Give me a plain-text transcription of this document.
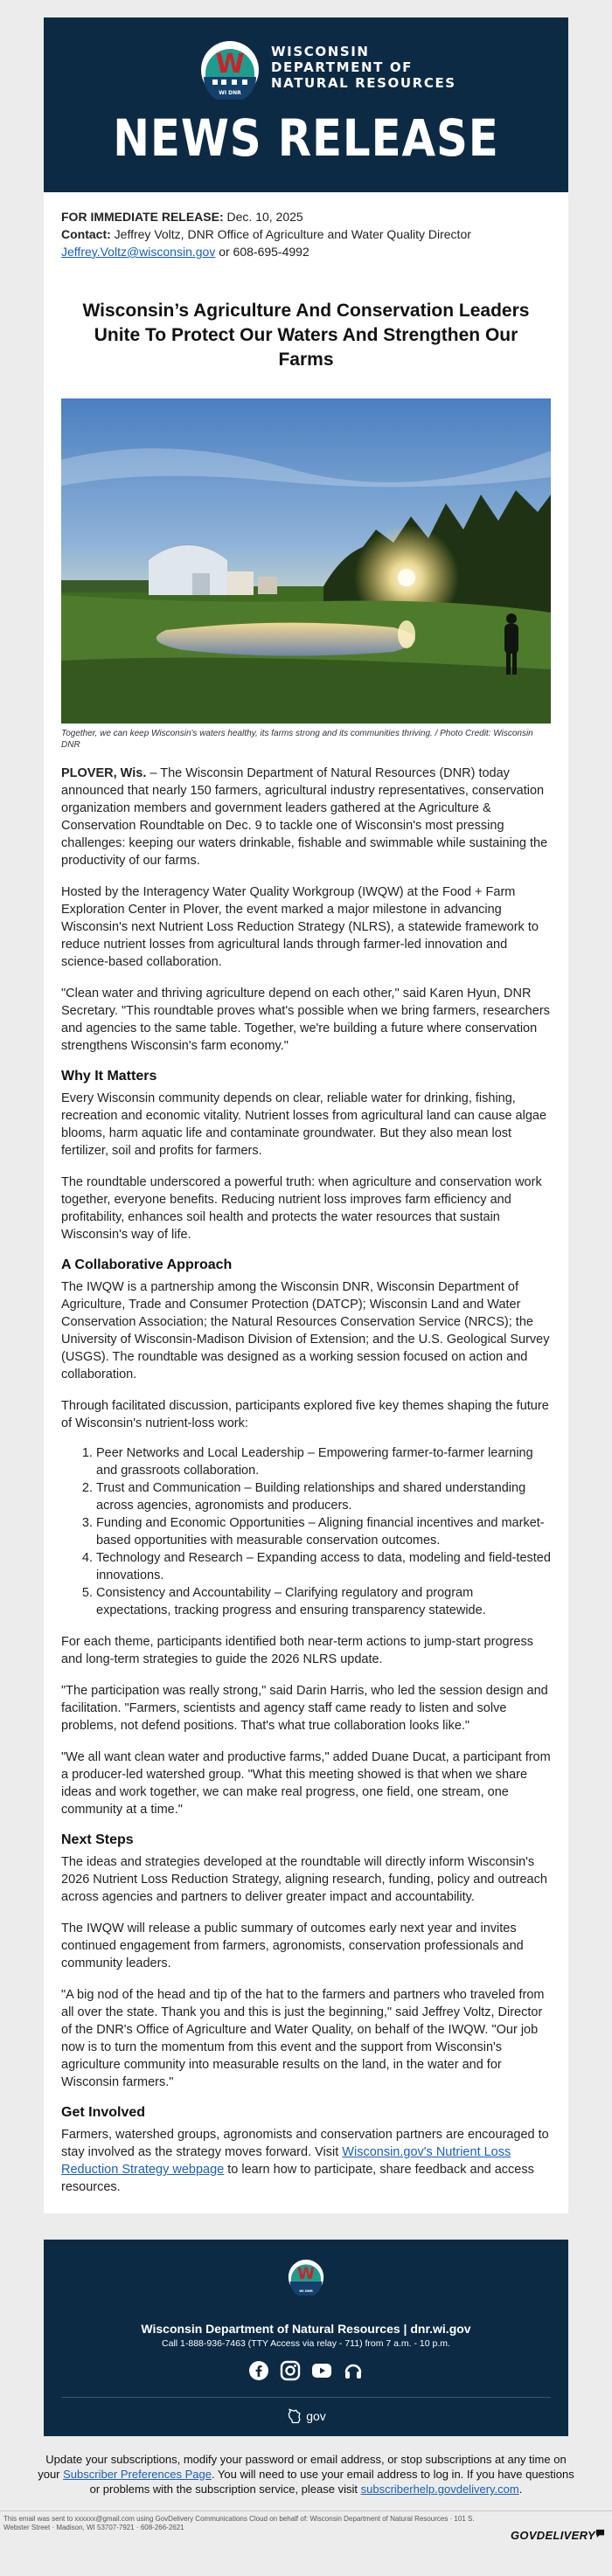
W
WI DNR
WISCONSIN
DEPARTMENT OF
NATURAL RESOURCES
NEWS RELEASE
FOR IMMEDIATE RELEASE: Dec. 10, 2025
Contact: Jeffrey Voltz, DNR Office of Agriculture and Water Quality Director
Jeffrey.Voltz@wisconsin.gov or 608-695-4992
Wisconsin’s Agriculture And Conservation Leaders Unite To Protect Our Waters And Strengthen Our Farms
Together, we can keep Wisconsin's waters healthy, its farms strong and its communities thriving. / Photo Credit: Wisconsin DNR

PLOVER, Wis. – The Wisconsin Department of Natural Resources (DNR) today announced that nearly 150 farmers, agricultural industry representatives, conservation organization members and government leaders gathered at the Agriculture & Conservation Roundtable on Dec. 9 to tackle one of Wisconsin's most pressing challenges: keeping our waters drinkable, fishable and swimmable while sustaining the productivity of our farms.

Hosted by the Interagency Water Quality Workgroup (IWQW) at the Food + Farm Exploration Center in Plover, the event marked a major milestone in advancing Wisconsin's next Nutrient Loss Reduction Strategy (NLRS), a statewide framework to reduce nutrient losses from agricultural lands through farmer-led innovation and science-based collaboration.

"Clean water and thriving agriculture depend on each other," said Karen Hyun, DNR Secretary. "This roundtable proves what's possible when we bring farmers, researchers and agencies to the same table. Together, we're building a future where conservation strengthens Wisconsin's farm economy."

Why It Matters

Every Wisconsin community depends on clear, reliable water for drinking, fishing, recreation and economic vitality. Nutrient losses from agricultural land can cause algae blooms, harm aquatic life and contaminate groundwater. But they also mean lost fertilizer, soil and profits for farmers.

The roundtable underscored a powerful truth: when agriculture and conservation work together, everyone benefits. Reducing nutrient loss improves farm efficiency and profitability, enhances soil health and protects the water resources that sustain Wisconsin's way of life.

A Collaborative Approach

The IWQW is a partnership among the Wisconsin DNR, Wisconsin Department of Agriculture, Trade and Consumer Protection (DATCP); Wisconsin Land and Water Conservation Association; the Natural Resources Conservation Service (NRCS); the University of Wisconsin-Madison Division of Extension; and the U.S. Geological Survey (USGS). The roundtable was designed as a working session focused on action and collaboration.

Through facilitated discussion, participants explored five key themes shaping the future of Wisconsin's nutrient-loss work:

1. Peer Networks and Local Leadership – Empowering farmer-to-farmer learning and grassroots collaboration.
2. Trust and Communication – Building relationships and shared understanding across agencies, agronomists and producers.
3. Funding and Economic Opportunities – Aligning financial incentives and market-based opportunities with measurable conservation outcomes.
4. Technology and Research – Expanding access to data, modeling and field-tested innovations.
5. Consistency and Accountability – Clarifying regulatory and program expectations, tracking progress and ensuring transparency statewide.

For each theme, participants identified both near-term actions to jump-start progress and long-term strategies to guide the 2026 NLRS update.

"The participation was really strong," said Darin Harris, who led the session design and facilitation. "Farmers, scientists and agency staff came ready to listen and solve problems, not defend positions. That's what true collaboration looks like."

"We all want clean water and productive farms," added Duane Ducat, a participant from a producer-led watershed group. "What this meeting showed is that when we share ideas and work together, we can make real progress, one field, one stream, one community at a time."

Next Steps

The ideas and strategies developed at the roundtable will directly inform Wisconsin's 2026 Nutrient Loss Reduction Strategy, aligning research, funding, policy and outreach across agencies and partners to deliver greater impact and accountability.

The IWQW will release a public summary of outcomes early next year and invites continued engagement from farmers, agronomists, conservation professionals and community leaders.

"A big nod of the head and tip of the hat to the farmers and partners who traveled from all over the state. Thank you and this is just the beginning," said Jeffrey Voltz, Director of the DNR's Office of Agriculture and Water Quality, on behalf of the IWQW. "Our job now is to turn the momentum from this event and the support from Wisconsin's agriculture community into measurable results on the land, in the water and for Wisconsin farmers."

Get Involved

Farmers, watershed groups, agronomists and conservation partners are encouraged to stay involved as the strategy moves forward. Visit Wisconsin.gov's Nutrient Loss Reduction Strategy webpage to learn how to participate, share feedback and access resources.

W
WI DNR
Wisconsin Department of Natural Resources | dnr.wi.gov
Call 1-888-936-7463 (TTY Access via relay - 711) from 7 a.m. - 10 p.m.
gov
Update your subscriptions, modify your password or email address, or stop subscriptions at any time on your Subscriber Preferences Page. You will need to use your email address to log in. If you have questions or problems with the subscription service, please visit subscriberhelp.govdelivery.com.
This email was sent to xxxxxx@gmail.com using GovDelivery Communications Cloud on behalf of: Wisconsin Department of Natural Resources · 101 S. Webster Street · Madison, WI 53707-7921 · 608-266-2621
GOVDELIVERY
